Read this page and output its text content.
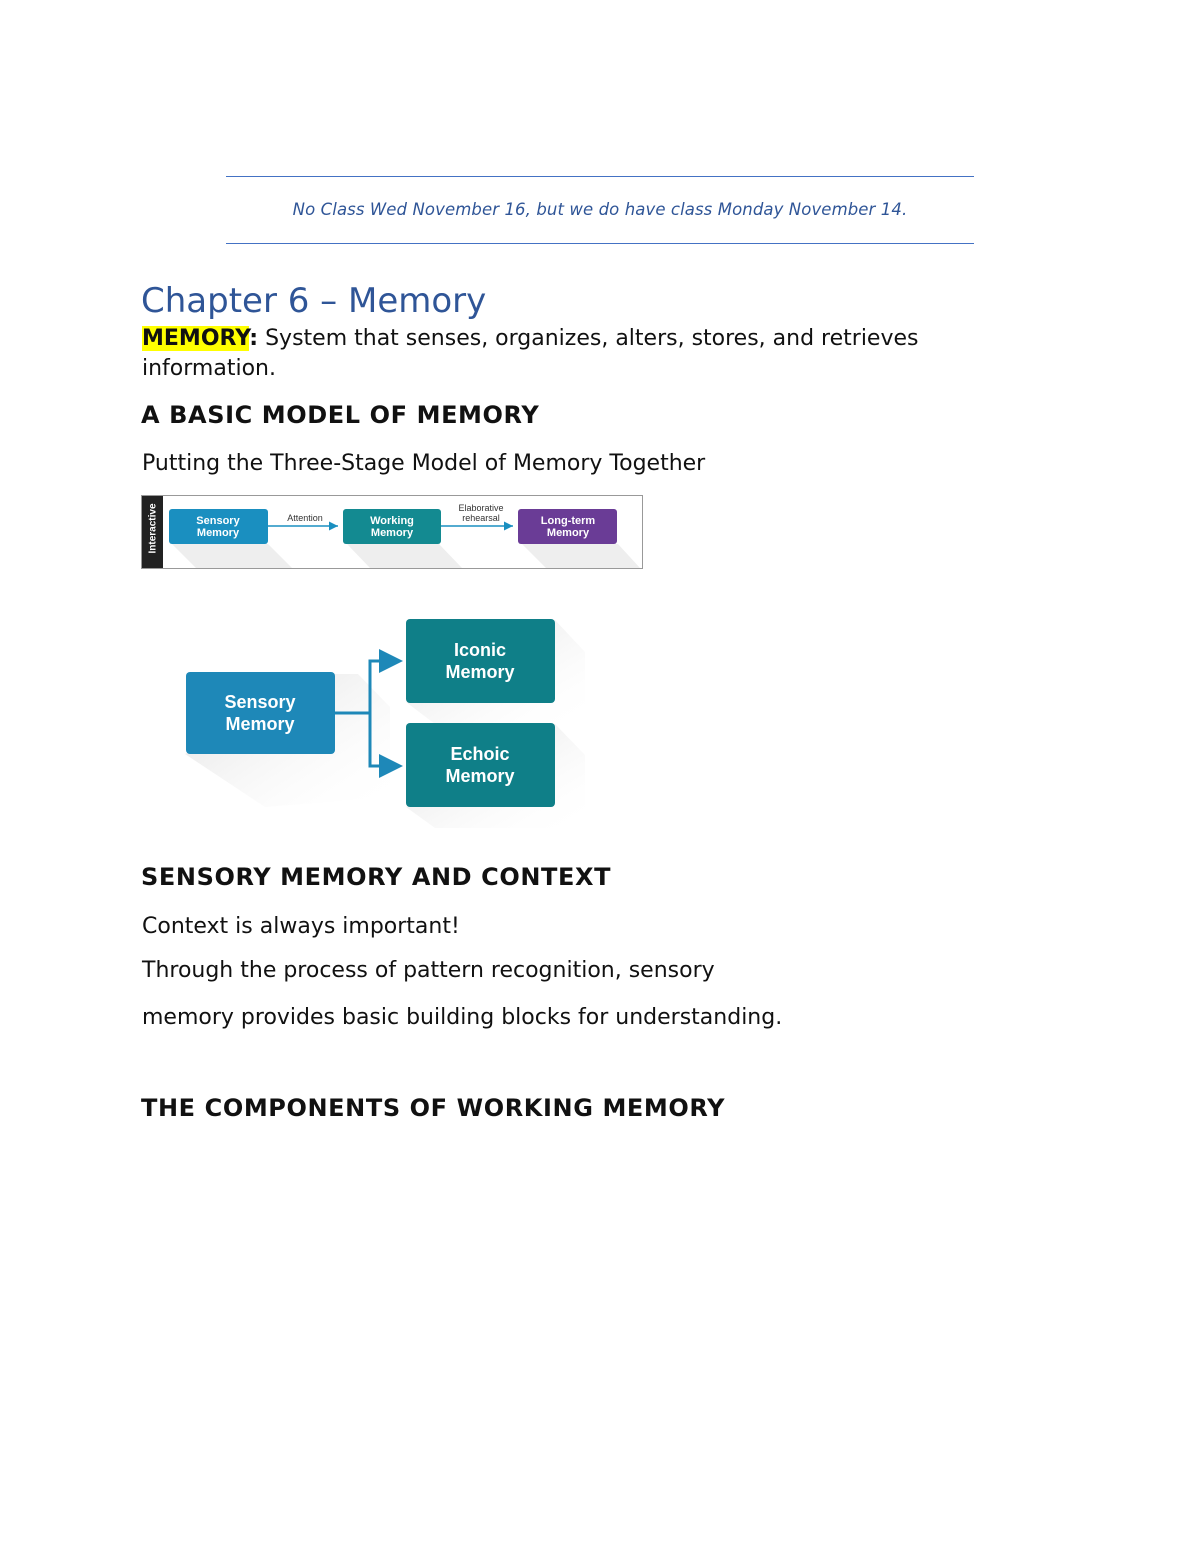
No Class Wed November 16, but we do have class Monday November 14.
Chapter 6 – Memory

MEMORY: System that senses, organizes, alters, stores, and retrieves information.

A BASIC MODEL OF MEMORY

Putting the Three-Stage Model of Memory Together

Interactive	Sensory
Memory
Attention	Working
Memory
Elaborative
rehearsal	Long-term
Memory
Sensory
Memory
Iconic
Memory
Echoic
Memory
SENSORY MEMORY AND CONTEXT

Context is always important!

Through the process of pattern recognition, sensory

memory provides basic building blocks for understanding.

THE COMPONENTS OF WORKING MEMORY
